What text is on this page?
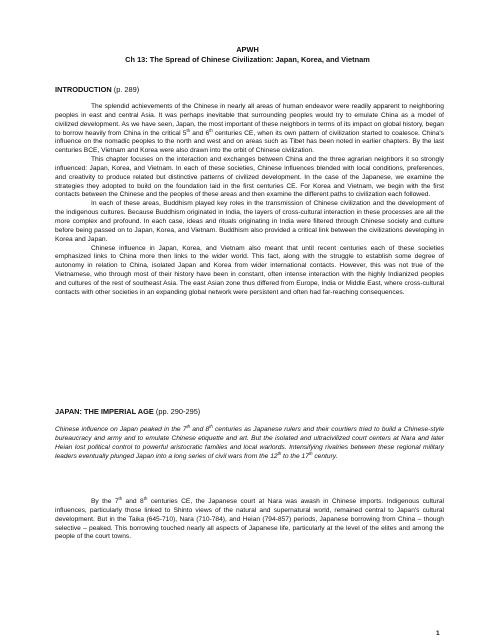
APWH
Ch 13: The Spread of Chinese Civilization: Japan, Korea, and Vietnam
INTRODUCTION (p. 289)

The splendid achievements of the Chinese in nearly all areas of human endeavor were readily apparent to neighboring peoples in east and central Asia. It was perhaps inevitable that surrounding peoples would try to emulate China as a model of civilized development. As we have seen, Japan, the most important of these neighbors in terms of its impact on global history, began to borrow heavily from China in the critical 5th and 6th centuries CE, when its own pattern of civilization started to coalesce. China's influence on the nomadic peoples to the north and west and on areas such as Tibet has been noted in earlier chapters. By the last centuries BCE, Vietnam and Korea were also drawn into the orbit of Chinese civilization.

This chapter focuses on the interaction and exchanges between China and the three agrarian neighbors it so strongly influenced: Japan, Korea, and Vietnam. In each of these societies, Chinese influences blended with local conditions, preferences, and creativity to produce related but distinctive patterns of civilized development. In the case of the Japanese, we examine the strategies they adopted to build on the foundation laid in the first centuries CE. For Korea and Vietnam, we begin with the first contacts between the Chinese and the peoples of these areas and then examine the different paths to civilization each followed.

In each of these areas, Buddhism played key roles in the transmission of Chinese civilization and the development of the indigenous cultures. Because Buddhism originated in India, the layers of cross-cultural interaction in these processes are all the more complex and profound. In each case, ideas and rituals originating in India were filtered through Chinese society and culture before being passed on to Japan, Korea, and Vietnam. Buddhism also provided a critical link between the civilizations developing in Korea and Japan.

Chinese influence in Japan, Korea, and Vietnam also meant that until recent centuries each of these societies emphasized links to China more then links to the wider world. This fact, along with the struggle to establish some degree of autonomy in relation to China, isolated Japan and Korea from wider international contacts. However, this was not true of the Vietnamese, who through most of their history have been in constant, often intense interaction with the highly Indianized peoples and cultures of the rest of southeast Asia. The east Asian zone thus differed from Europe, India or Middle East, where cross-cultural contacts with other societies in an expanding global network were persistent and often had far-reaching consequences.

JAPAN: THE IMPERIAL AGE (pp. 290-295)

Chinese influence on Japan peaked in the 7th and 8th centuries as Japanese rulers and their courtiers tried to build a Chinese-style bureaucracy and army and to emulate Chinese etiquette and art. But the isolated and ultracivilized court centers at Nara and later Heian lost political control to powerful aristocratic families and local warlords. Intensifying rivalries between these regional military leaders eventually plunged Japan into a long series of civil wars from the 12th to the 17th century.

By the 7th and 8th centuries CE, the Japanese court at Nara was awash in Chinese imports. Indigenous cultural influences, particularly those linked to Shinto views of the natural and supernatural world, remained central to Japan's cultural development. But in the Taika (645-710), Nara (710-784), and Heian (794-857) periods, Japanese borrowing from China – though selective – peaked. This borrowing touched nearly all aspects of Japanese life, particularly at the level of the elites and among the people of the court towns.

1
